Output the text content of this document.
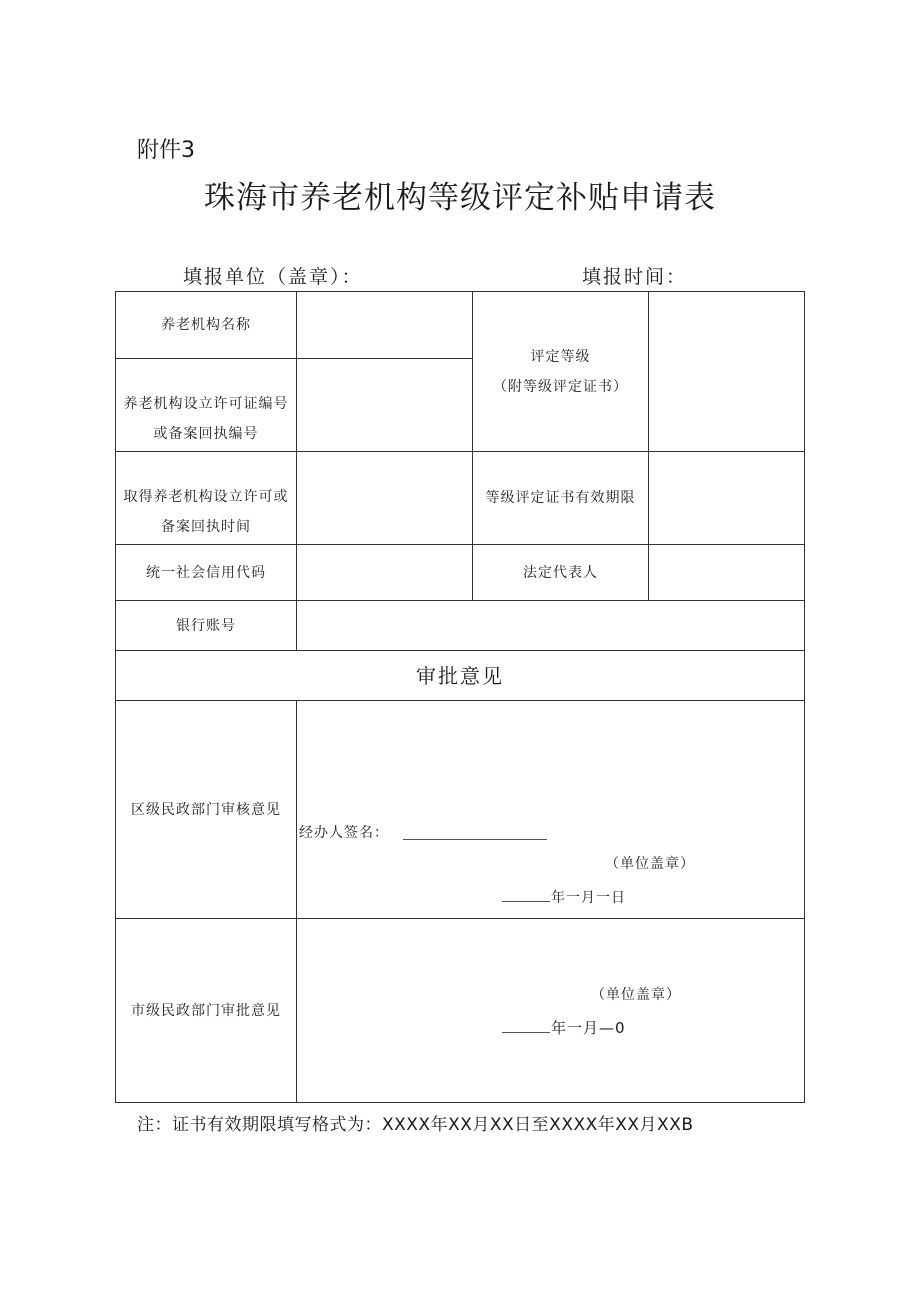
附件3
珠海市养老机构等级评定补贴申请表
填报单位（盖章）：	填报时间：
养老机构名称
养老机构设立许可证编号或备案回执编号
评定等级
（附等级评定证书）
取得养老机构设立许可或备案回执时间
等级评定证书有效期限
统一社会信用代码	法定代表人
银行账号
审批意见
区级民政部门审核意见
经办人签名：
（单位盖章）
年一月一日
市级民政部门审批意见
（单位盖章）
年一月—0
注：证书有效期限填写格式为：XXXX年XX月XX日至XXXX年XX月XXB
